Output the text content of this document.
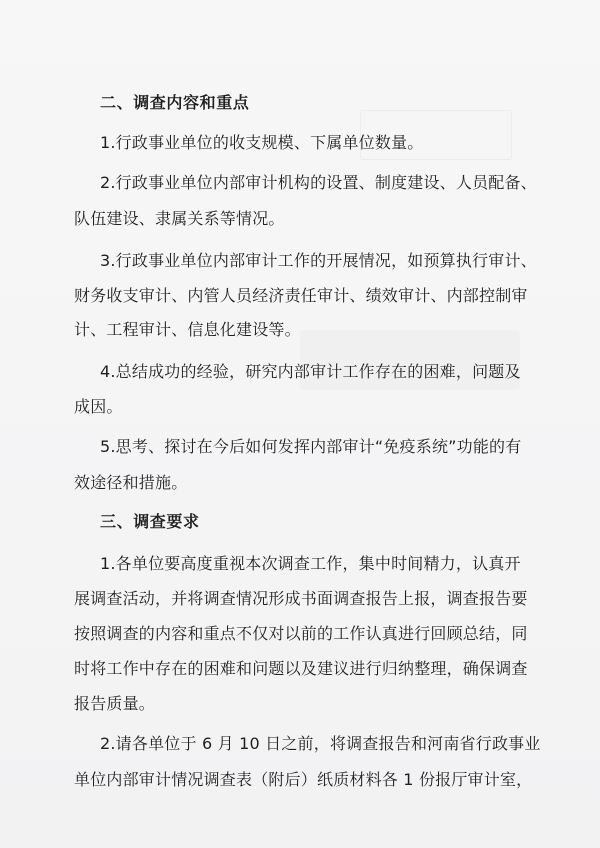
二、调查内容和重点
1.行政事业单位的收支规模、下属单位数量。
2.行政事业单位内部审计机构的设置、制度建设、人员配备、
队伍建设、隶属关系等情况。
3.行政事业单位内部审计工作的开展情况，如预算执行审计、
财务收支审计、内管人员经济责任审计、绩效审计、内部控制审
计、工程审计、信息化建设等。
4.总结成功的经验，研究内部审计工作存在的困难，问题及
成因。
5.思考、探讨在今后如何发挥内部审计“免疫系统”功能的有
效途径和措施。
三、调查要求
1.各单位要高度重视本次调查工作，集中时间精力，认真开
展调查活动，并将调查情况形成书面调查报告上报，调查报告要
按照调查的内容和重点不仅对以前的工作认真进行回顾总结，同
时将工作中存在的困难和问题以及建议进行归纳整理，确保调查
报告质量。
2.请各单位于 6 月 10 日之前，将调查报告和河南省行政事业
单位内部审计情况调查表（附后）纸质材料各 1 份报厅审计室，
